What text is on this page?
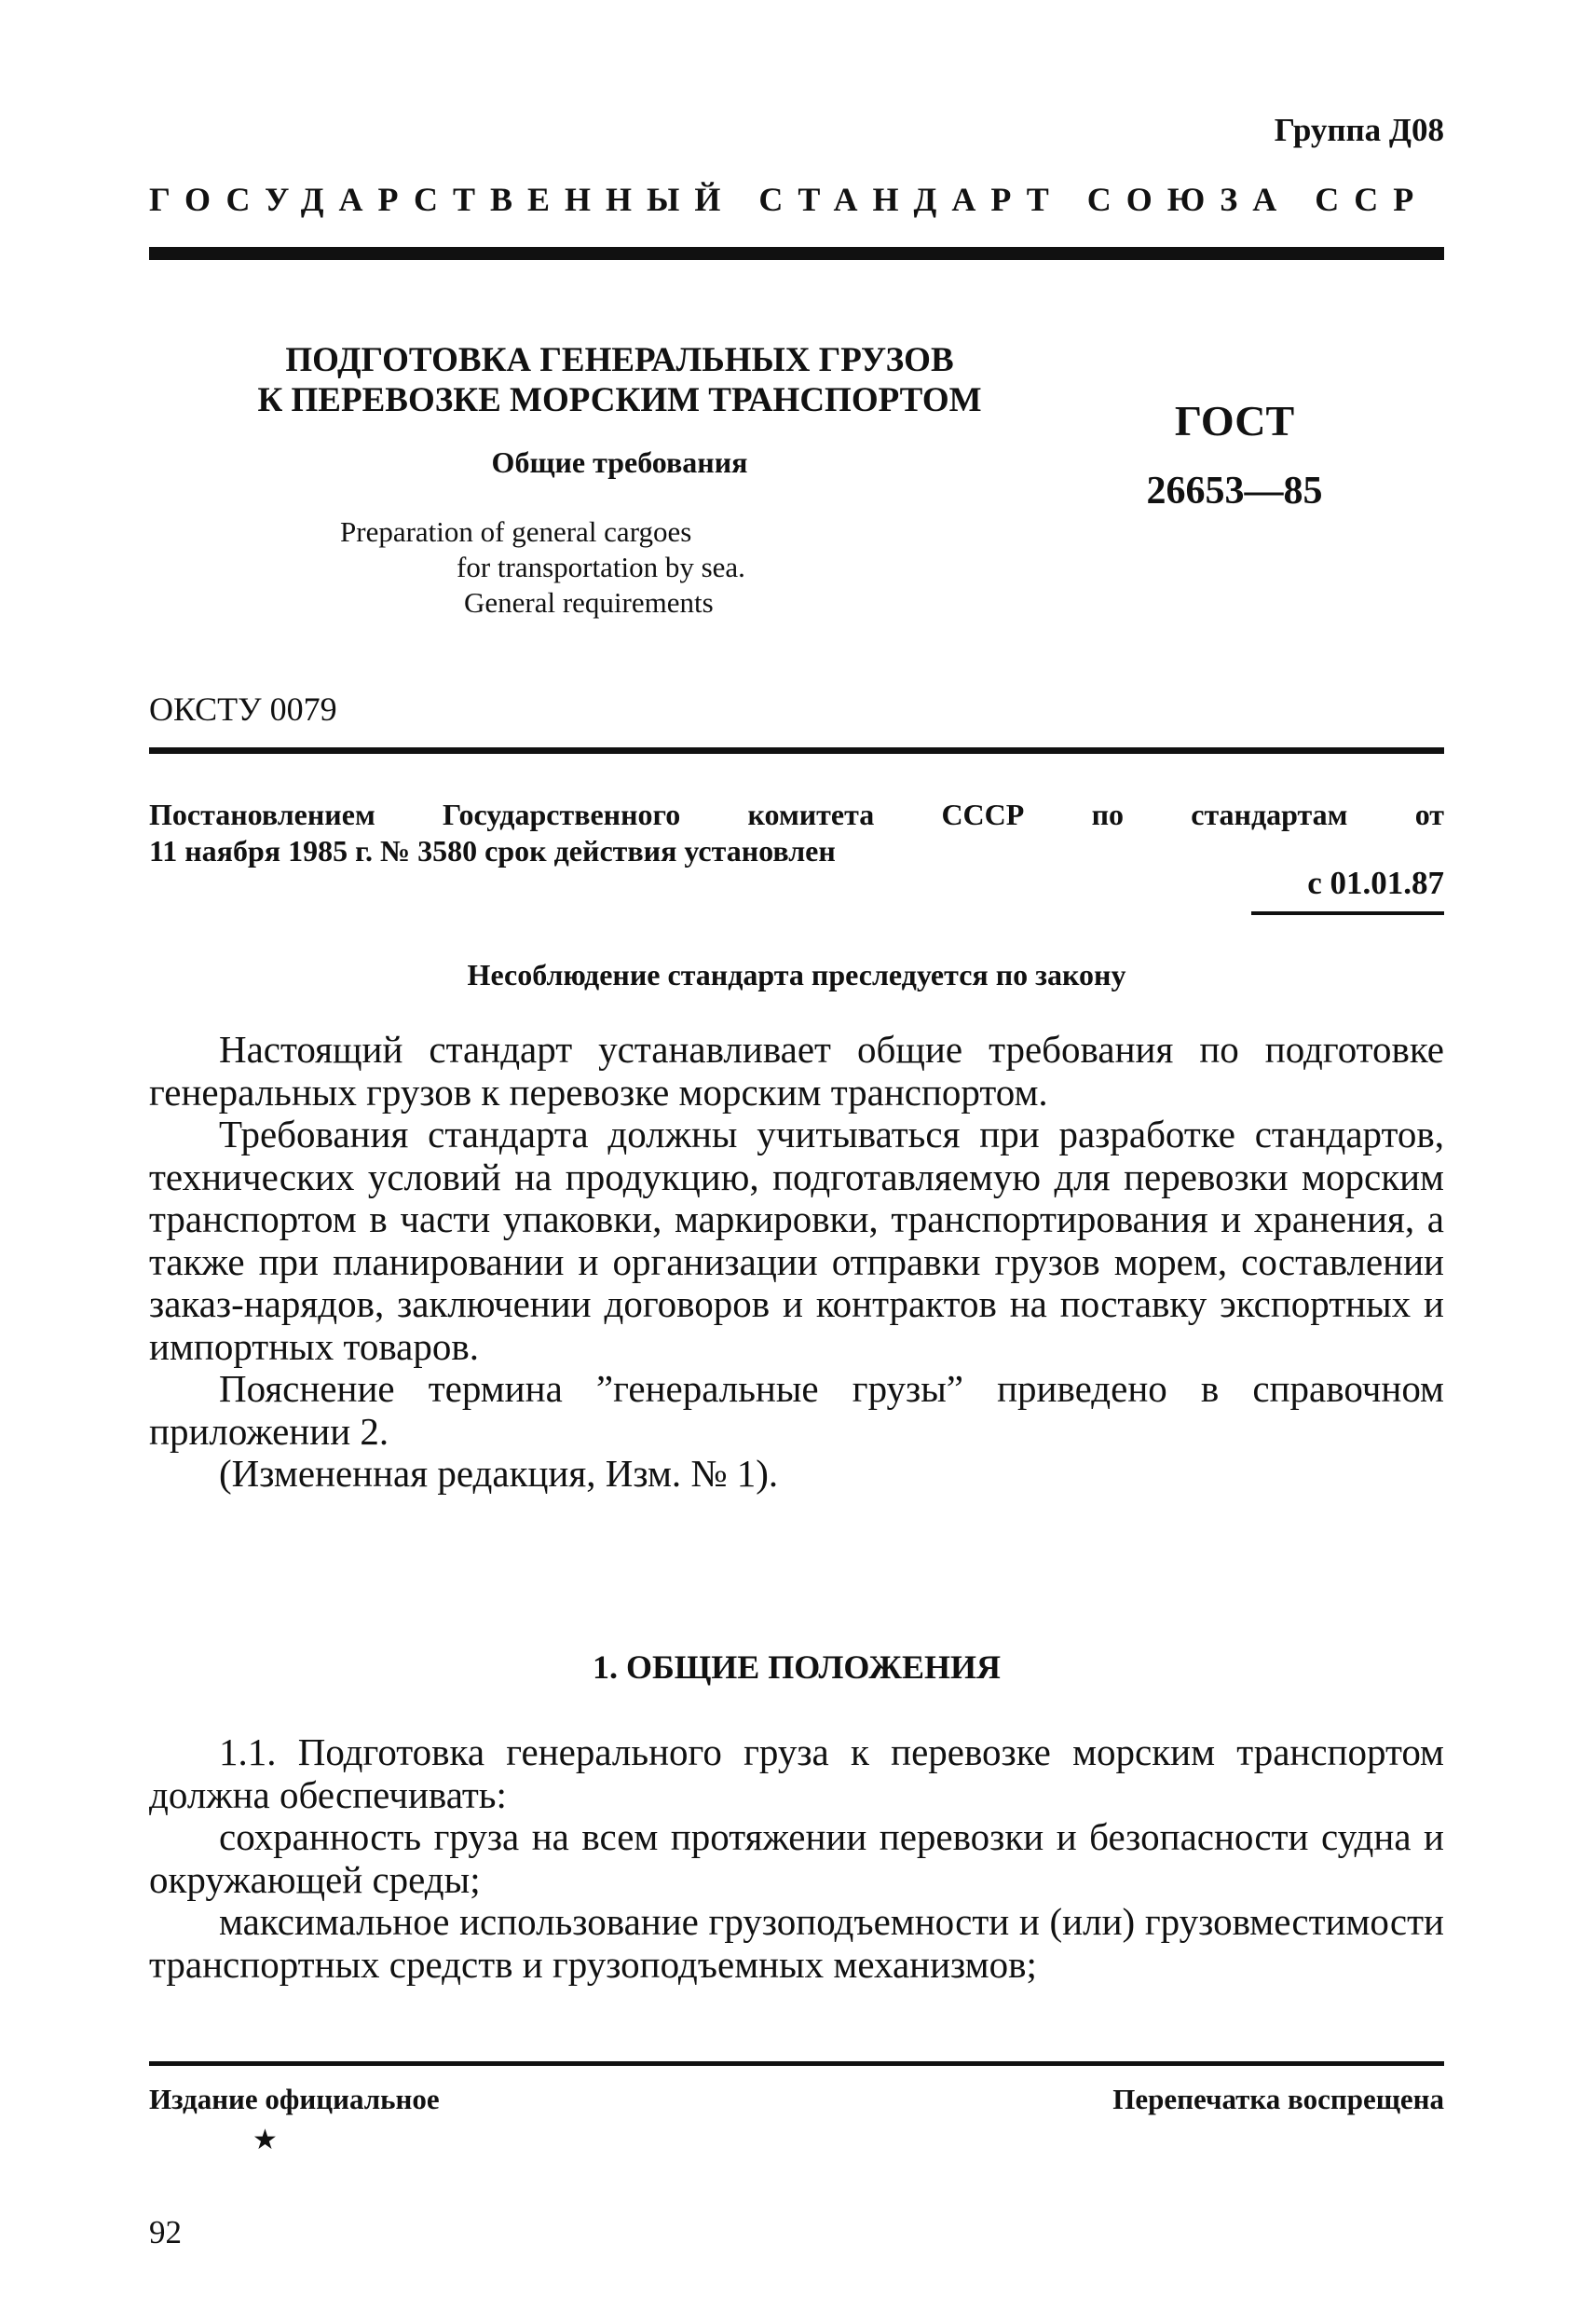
Группа Д08
ГОСУДАРСТВЕННЫЙ СТАНДАРТ СОЮЗА ССР
ПОДГОТОВКА ГЕНЕРАЛЬНЫХ ГРУЗОВ
К ПЕРЕВОЗКЕ МОРСКИМ ТРАНСПОРТОМ
Общие требования
Preparation of general cargoes
for transportation by sea.
General requirements
ГОСТ
26653—85
ОКСТУ 0079
Постановлением Государственного комитета СССР по стандартам от
11 наября 1985 г. № 3580 срок действия установлен
с 01.01.87
Несоблюдение стандарта преследуется по закону

Настоящий стандарт устанавливает общие требования по подготовке генеральных грузов к перевозке морским транспортом.

Требования стандарта должны учитываться при разработке стандартов, технических условий на продукцию, подготавляемую для перевозки морским транспортом в части упаковки, маркировки, транспортирования и хранения, а также при планировании и организации отправки грузов морем, составлении заказ-нарядов, заключении договоров и контрактов на поставку экспортных и импортных товаров.

Пояснение термина ”генеральные грузы” приведено в справочном приложении 2.

(Измененная редакция, Изм. № 1).

1. ОБЩИЕ ПОЛОЖЕНИЯ

1.1. Подготовка генерального груза к перевозке морским транспортом должна обеспечивать:

сохранность груза на всем протяжении перевозки и безопасности судна и окружающей среды;

максимальное использование грузоподъемности и (или) грузовместимости транспортных средств и грузоподъемных механизмов;

Издание официальное	Перепечатка воспрещена
★
92
